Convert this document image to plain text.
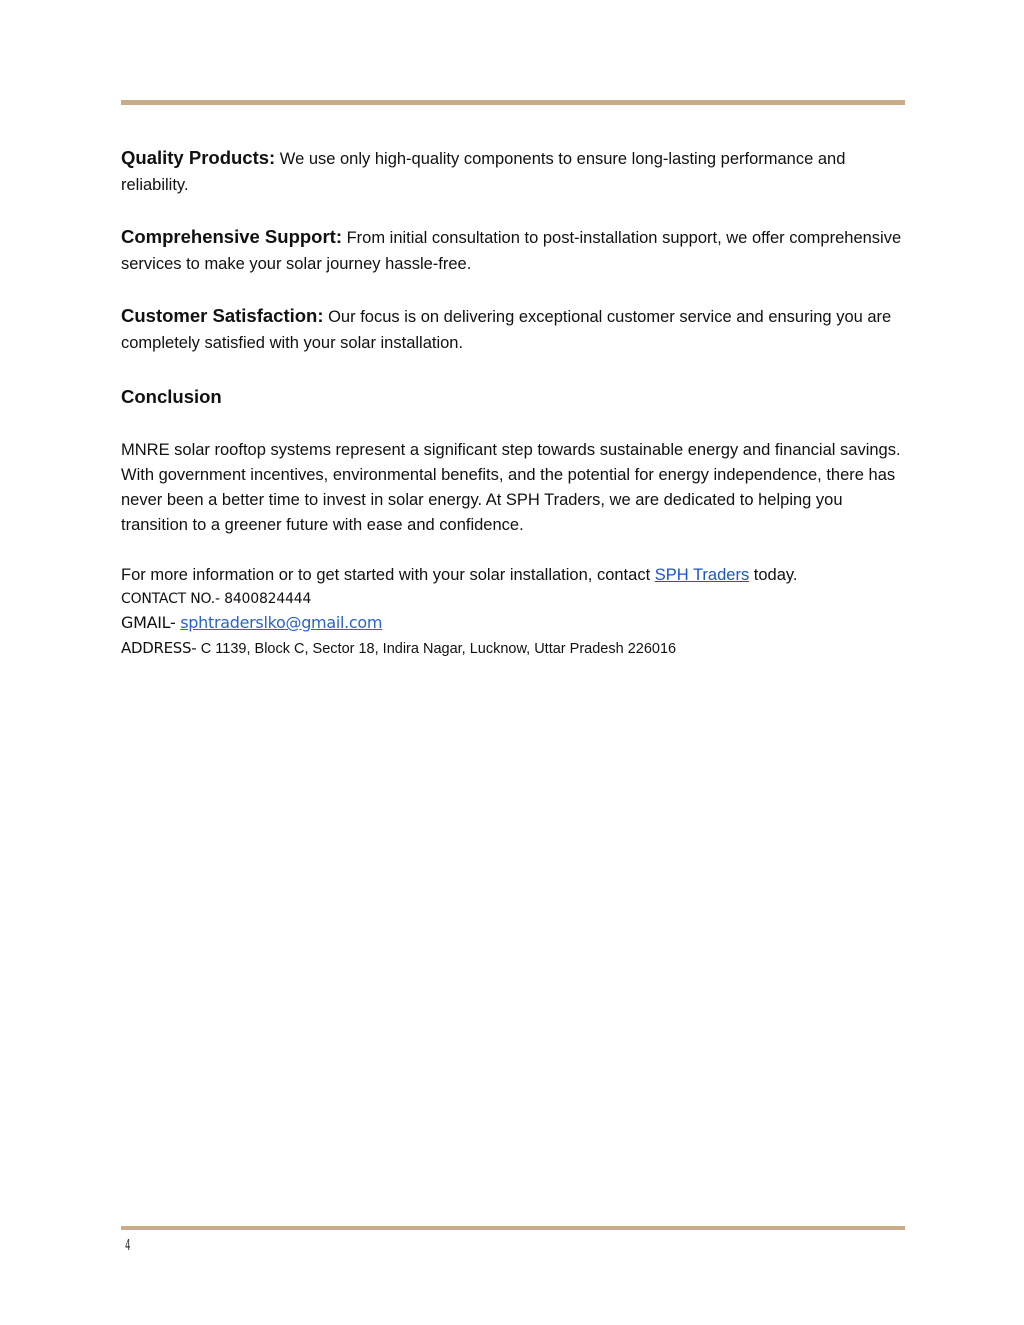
Quality Products: We use only high-quality components to ensure long-lasting performance and reliability.

Comprehensive Support: From initial consultation to post-installation support, we offer comprehensive services to make your solar journey hassle-free.

Customer Satisfaction: Our focus is on delivering exceptional customer service and ensuring you are completely satisfied with your solar installation.

Conclusion

MNRE solar rooftop systems represent a significant step towards sustainable energy and financial savings. With government incentives, environmental benefits, and the potential for energy independence, there has never been a better time to invest in solar energy. At SPH Traders, we are dedicated to helping you transition to a greener future with ease and confidence.

For more information or to get started with your solar installation, contact SPH Traders today.

CONTACT NO.- 8400824444

GMAIL- sphtraderslko@gmail.com

ADDRESS- C 1139, Block C, Sector 18, Indira Nagar, Lucknow, Uttar Pradesh 226016

4
